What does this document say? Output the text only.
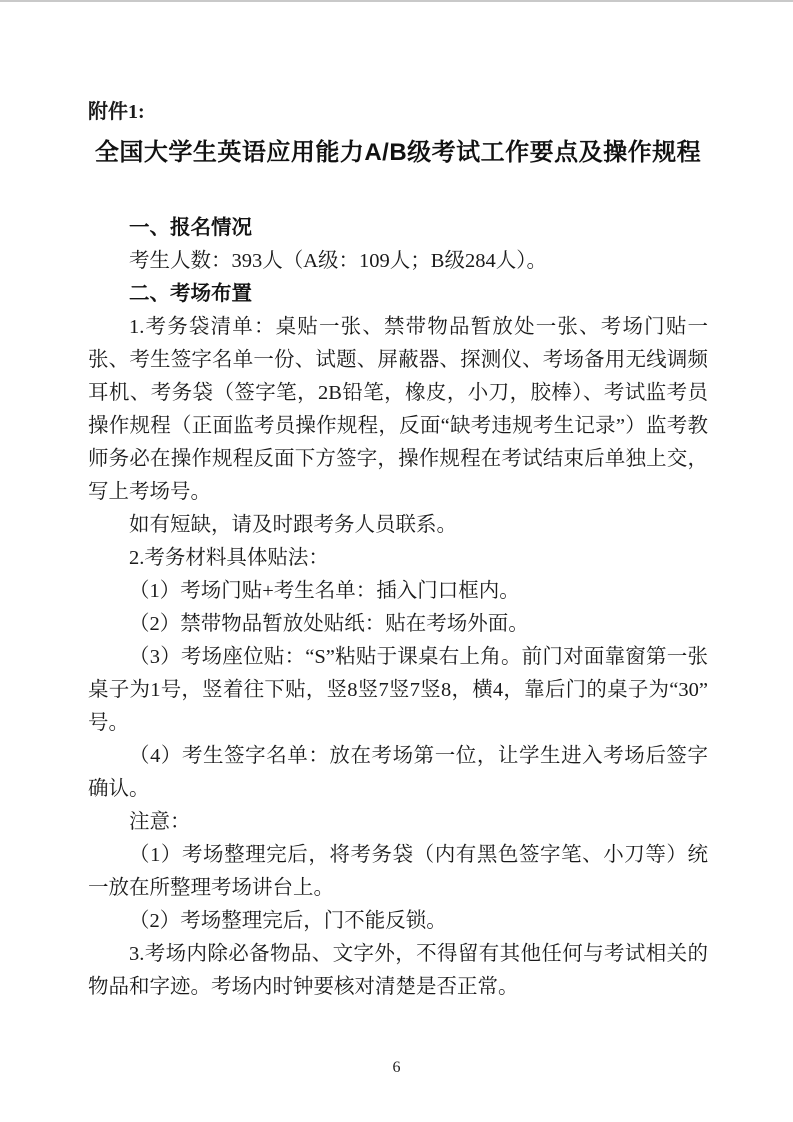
附件1:
全国大学生英语应用能力A/B级考试工作要点及操作规程

一、报名情况

考生人数：393人（A级：109人；B级284人）。

二、考场布置

1.考务袋清单：桌贴一张、禁带物品暂放处一张、考场门贴一张、考生签字名单一份、试题、屏蔽器、探测仪、考场备用无线调频耳机、考务袋（签字笔，2B铅笔，橡皮，小刀，胶棒）、考试监考员操作规程（正面监考员操作规程，反面“缺考违规考生记录”）监考教师务必在操作规程反面下方签字，操作规程在考试结束后单独上交，写上考场号。

如有短缺，请及时跟考务人员联系。

2.考务材料具体贴法：

（1）考场门贴+考生名单：插入门口框内。

（2）禁带物品暂放处贴纸：贴在考场外面。

（3）考场座位贴：“S”粘贴于课桌右上角。前门对面靠窗第一张桌子为1号，竖着往下贴，竖8竖7竖7竖8，横4，靠后门的桌子为“30”号。

（4）考生签字名单：放在考场第一位，让学生进入考场后签字确认。

注意：

（1）考场整理完后，将考务袋（内有黑色签字笔、小刀等）统一放在所整理考场讲台上。

（2）考场整理完后，门不能反锁。

3.考场内除必备物品、文字外，不得留有其他任何与考试相关的物品和字迹。考场内时钟要核对清楚是否正常。

6
